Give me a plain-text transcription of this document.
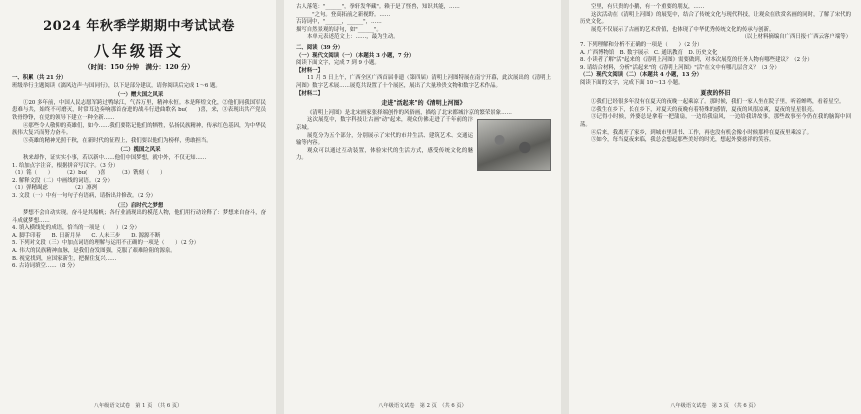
2024 年秋季学期期中考试试卷
八年级语文
（时间：150 分钟　满分：120 分）
一、积累（共 21 分）

班级举行主题阅读《漓风边声·与国同行》，以下是部分建议，请你阅读后完成 1～6 题。

（一）赠大国之风采

①20 多年前，中国人民志愿军跨过鸭绿江，气吞万里，精神永恒。本是辉煌文化，②他们同我国军民患难与共，始终不可磨灭，时常耳边奏响那首奋进的战斗行进曲歌名 bu(　　)喜，来，③表现出共产党员铁骨铮铮，在党的领导下建立一种全新……

④那些令人敬仰的英雄们，如今……我们要铭记他们的牺牲，弘扬民族精神，传承红色基因，为中华民族伟大复兴而努力奋斗。

⑤英雄的精神光照千秋，在新时代的征程上，我们要以他们为榜样，勇敢担当。

（二）揽国之风采

秋来却作，证实实小事，若以新中……他们中国梦想，就中外，不仅无知……

1. 给加点字注音，根据拼音写汉字。（3 分）

（1）铭（　　）　　　（2）bu(　　)喜　　　（3）镌刻（　　）

2. 解释文段（二）中画线的词语。（2 分）

（1）弹精竭虑　　　　　（2）凛冽

3. 文段（一）中有一句句子有语病，请指出并修改。（2 分）

（三）启时代之梦想

梦想不会自动实现。奋斗是其船帆；各行业涌现出的模范人物，他们用行动诠释了：梦想来自奋斗，奋斗成就梦想……

4. 填入横线处的成语，恰当的一项是（　　）（2 分）

A. 脚手印着　　B. 日新月异　　C. 人未三步　　D. 源源不断

5. 下列对文段（三）中加点词语的理解与运用不正确的一项是（　　）（2 分）

A. 伟大的民族精神血脉，是我们奋发图强，克服了艰难险阻的源泉。

B. 视觉找到，应国家新生，把握住复兴……

6. 古诗词填空……（8 分）

八年级语文试卷　第 1 页　（共 6 页）

古人落笔："______"，拳轩发华藏"。赖于是了怪兽，知识其能，……

______"之句。登高拓前之新视野。……

古诗词中，"______，______"，……

描写自然景观的诗句，如"______"。

本单元表述范文上：……，最为生动。

二、阅读（39 分）

（一）现代文阅读（一）（本题共 3 小题，7 分）

阅读下面文字，完成 7 到 9 小题。

【材料一】

11 月 5 日上午，广西全区广西首届非遗（第四届）清明上河图特展在南宁开幕，此次展出的《清明上河图》数字艺术展……展览共设置了十个展区，展出了大量珍贵文物和数字艺术作品。

【材料二】

走进"活起来"的《清明上河图》

《清明上河图》是北宋画家张择端创作的风俗画，描绘了北宋都城汴京的繁荣景象……

这次展览中，数字科技让古画"动"起来，观众仿佛走进了千年前的汴京城。

展览分为五个部分，分别展示了宋代的市井生活、建筑艺术、交通运输等内容。

观众可以通过互动装置，体验宋代的生活方式，感受传统文化的魅力。

八年级语文试卷　第 2 页　（共 6 页）

空里，有只贵的小鹅，有一个重要的朋友，……

这次活动在《清明上河图》的展览中，结合了传统文化与现代科技，让观众在欣赏名画的同时，了解了宋代的历史文化。

展览不仅展示了古画的艺术价值，也体现了中华优秀传统文化的传承与创新。

（以上材料摘编自广西日报·广西云客户端等）

7. 下列理解和分析不正确的一项是（　　）（2 分）

A. 广西博物馆　B. 数字展示　C. 通讯教育　D. 历史文化

8. 小读者了解"活"起来的《清明上河图》需要做到，对本次展览的任务人物有哪些建议？（2 分）

9. 请结合材料，分析"活起来"的《清明上河图》"活"在文中有哪几层含义？（3 分）

（二）现代文阅读（二）（本题共 4 小题，13 分）

阅读下面的文字，完成下面 10～13 小题。

夏夜的怀旧

①我们已经很多年没有在夏天的夜晚一起乘凉了。那时候，我们一家人坐在院子里，听着蝉鸣，看着星空。

②我生在乡下，长在乡下，对夏天的夜晚有着特殊的感情，夏夜的风很凉爽，夏夜的星星很亮。

③记得小时候，外婆总是拿着一把蒲扇，一边给我扇风，一边给我讲故事，那些故事至今仍在我的脑海中回荡。

④后来，我离开了家乡，到城市里读书、工作，再也没有机会像小时候那样在夏夜里乘凉了。

⑤如今，每当夏夜来临，我总会想起那些美好的时光，想起外婆慈祥的笑容。

八年级语文试卷　第 3 页　（共 6 页）
